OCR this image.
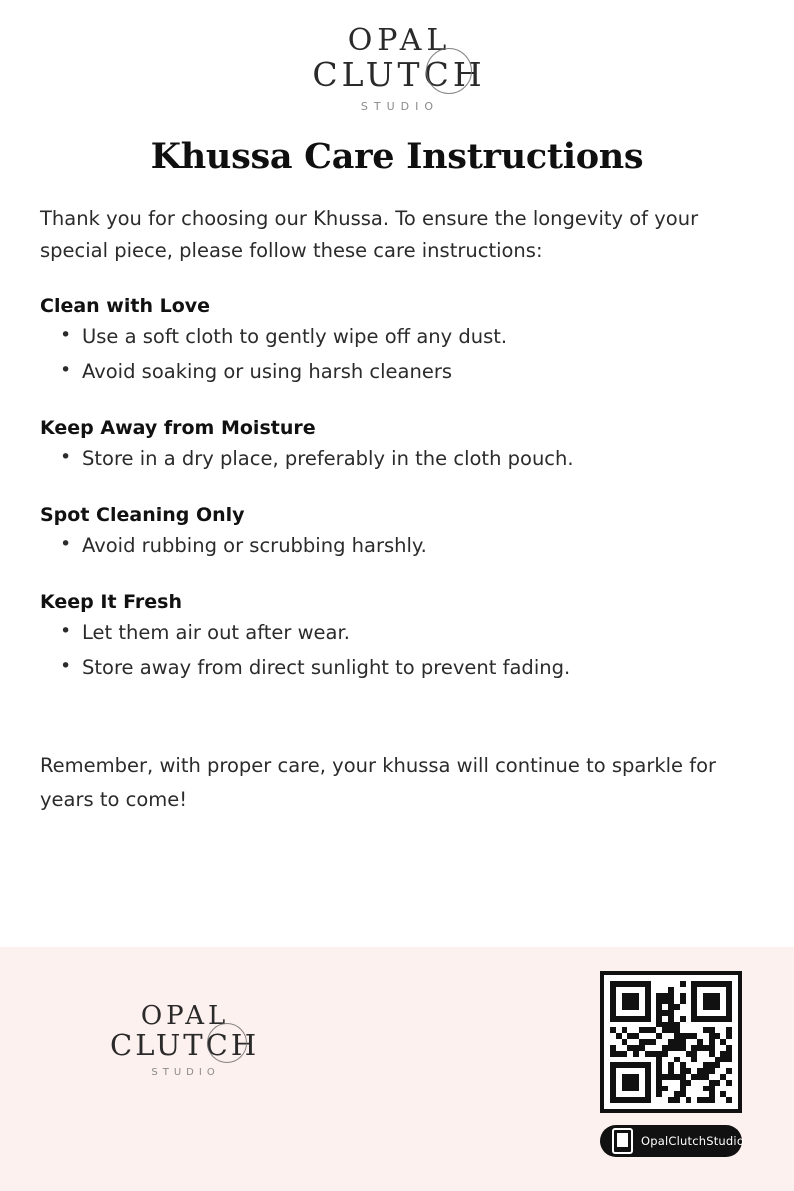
OPAL
CLUTCH
STUDIO
Khussa Care Instructions

Thank you for choosing our Khussa. To ensure the longevity of your special piece, please follow these care instructions:

Clean with Love
• Use a soft cloth to gently wipe off any dust.
• Avoid soaking or using harsh cleaners
Keep Away from Moisture
• Store in a dry place, preferably in the cloth pouch.
Spot Cleaning Only
• Avoid rubbing or scrubbing harshly.
Keep It Fresh
• Let them air out after wear.
• Store away from direct sunlight to prevent fading.

Remember, with proper care, your khussa will continue to sparkle for years to come!

OPAL
CLUTCH
STUDIO
OpalClutchStudio
